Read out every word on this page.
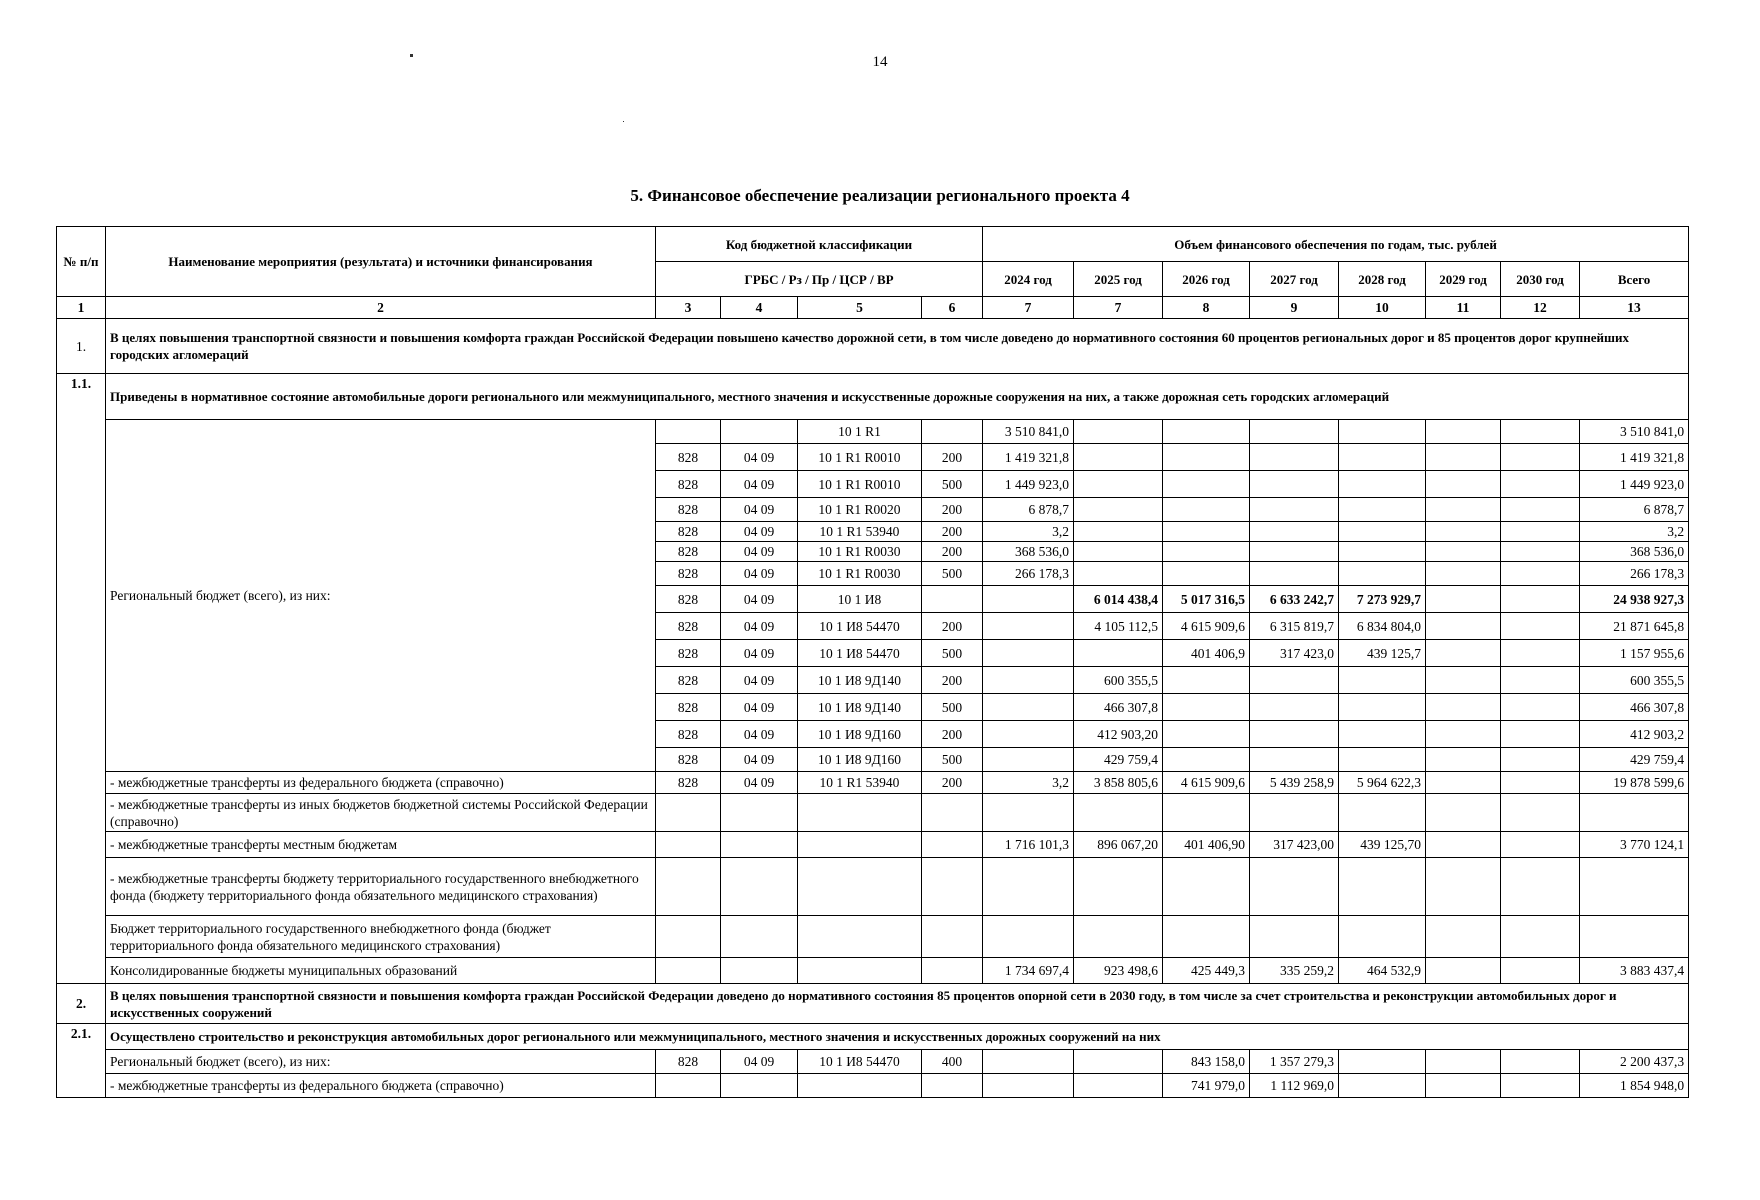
14
5. Финансовое обеспечение реализации регионального проекта 4
№ п/п	Наименование мероприятия (результата) и источники финансирования	Код бюджетной классификации				Объем финансового обеспечения по годам, тыс. рублей							
		ГРБС / Рз / Пр / ЦСР / ВР				2024 год	2025 год	2026 год	2027 год	2028 год	2029 год	2030 год	Всего
1	2	3	4	5	6	7	7	8	9	10	11	12	13
1.	В целях повышения транспортной связности и повышения комфорта граждан Российской Федерации повышено качество дорожной сети, в том числе доведено до нормативного состояния 60 процентов региональных дорог и 85 процентов дорог крупнейших городских агломераций												
1.1.	Приведены в нормативное состояние автомобильные дороги регионального или межмуниципального, местного значения и искусственные дорожные сооружения на них, а также дорожная сеть городских агломераций												
	Региональный бюджет (всего), из них:			10 1 R1		3 510 841,0							3 510 841,0
		828	04 09	10 1 R1 R0010	200	1 419 321,8							1 419 321,8
		828	04 09	10 1 R1 R0010	500	1 449 923,0							1 449 923,0
		828	04 09	10 1 R1 R0020	200	6 878,7							6 878,7
		828	04 09	10 1 R1 53940	200	3,2							3,2
		828	04 09	10 1 R1 R0030	200	368 536,0							368 536,0
		828	04 09	10 1 R1 R0030	500	266 178,3							266 178,3
		828	04 09	10 1 И8			6 014 438,4	5 017 316,5	6 633 242,7	7 273 929,7			24 938 927,3
		828	04 09	10 1 И8 54470	200		4 105 112,5	4 615 909,6	6 315 819,7	6 834 804,0			21 871 645,8
		828	04 09	10 1 И8 54470	500			401 406,9	317 423,0	439 125,7			1 157 955,6
		828	04 09	10 1 И8 9Д140	200		600 355,5						600 355,5
		828	04 09	10 1 И8 9Д140	500		466 307,8						466 307,8
		828	04 09	10 1 И8 9Д160	200		412 903,20						412 903,2
		828	04 09	10 1 И8 9Д160	500		429 759,4						429 759,4
	- межбюджетные трансферты из федерального бюджета (справочно)	828	04 09	10 1 R1 53940	200	3,2	3 858 805,6	4 615 909,6	5 439 258,9	5 964 622,3			19 878 599,6
	- межбюджетные трансферты из иных бюджетов бюджетной системы Российской Федерации (справочно)												
	- межбюджетные трансферты местным бюджетам					1 716 101,3	896 067,20	401 406,90	317 423,00	439 125,70			3 770 124,1
	- межбюджетные трансферты бюджету территориального государственного внебюджетного фонда (бюджету территориального фонда обязательного медицинского страхования)												
	Бюджет территориального государственного внебюджетного фонда (бюджет территориального фонда обязательного медицинского страхования)												
	Консолидированные бюджеты муниципальных образований					1 734 697,4	923 498,6	425 449,3	335 259,2	464 532,9			3 883 437,4
2.	В целях повышения транспортной связности и повышения комфорта граждан Российской Федерации доведено до нормативного состояния 85 процентов опорной сети в 2030 году, в том числе за счет строительства и реконструкции автомобильных дорог и искусственных сооружений												
2.1.	Осуществлено строительство и реконструкция автомобильных дорог регионального или межмуниципального, местного значения и искусственных дорожных сооружений на них												
	Региональный бюджет (всего), из них:	828	04 09	10 1 И8 54470	400			843 158,0	1 357 279,3				2 200 437,3
	- межбюджетные трансферты из федерального бюджета (справочно)							741 979,0	1 112 969,0				1 854 948,0
